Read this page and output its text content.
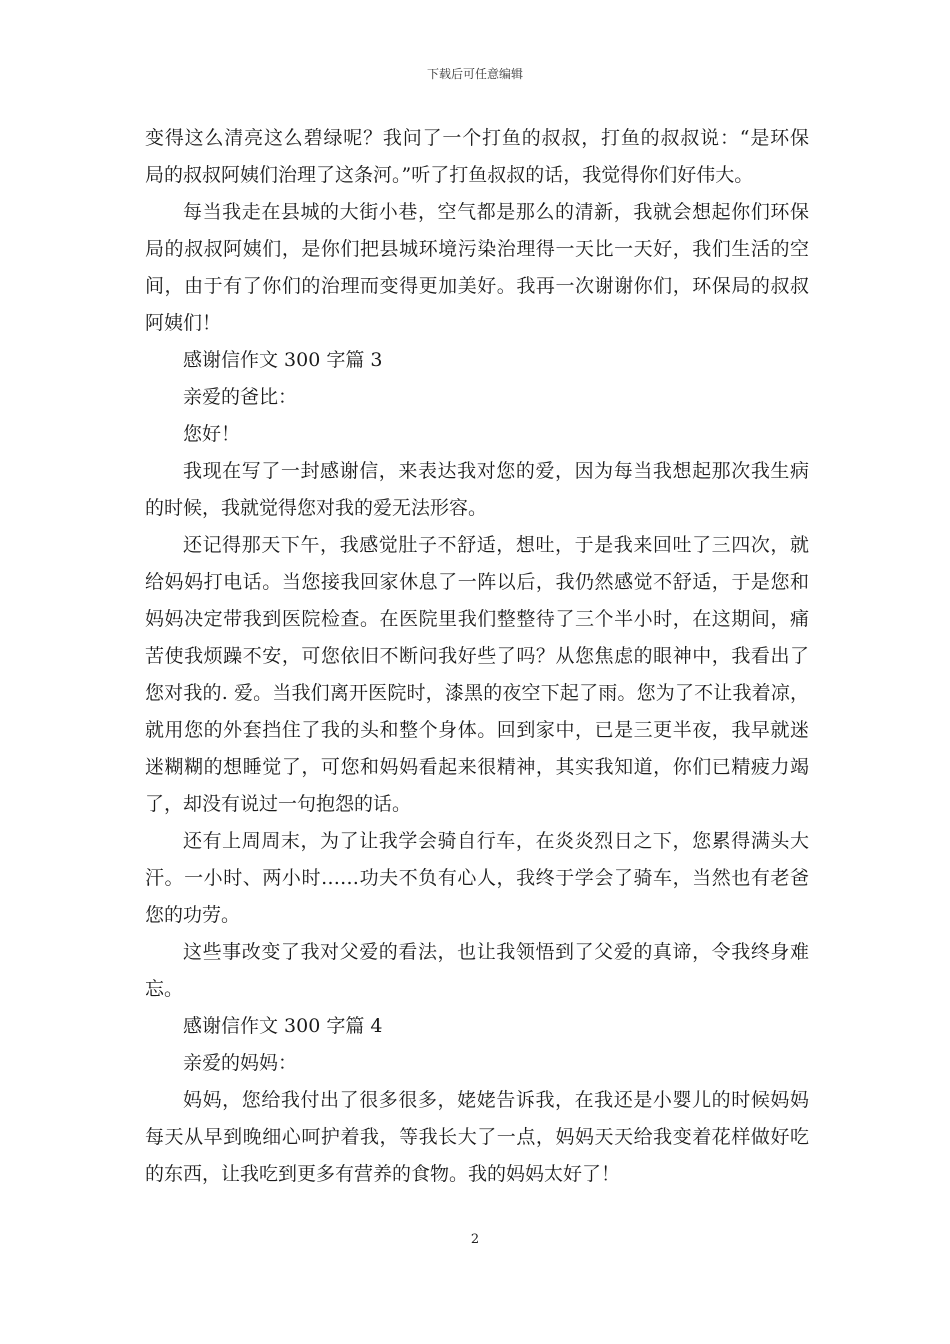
下载后可任意编辑
变得这么清亮这么碧绿呢？我问了一个打鱼的叔叔，打鱼的叔叔说：“是环保
局的叔叔阿姨们治理了这条河。”听了打鱼叔叔的话，我觉得你们好伟大。
每当我走在县城的大街小巷，空气都是那么的清新，我就会想起你们环保
局的叔叔阿姨们，是你们把县城环境污染治理得一天比一天好，我们生活的空
间，由于有了你们的治理而变得更加美好。我再一次谢谢你们，环保局的叔叔
阿姨们！
感谢信作文 300 字篇 3
亲爱的爸比：
您好！
我现在写了一封感谢信，来表达我对您的爱，因为每当我想起那次我生病
的时候，我就觉得您对我的爱无法形容。
还记得那天下午，我感觉肚子不舒适，想吐，于是我来回吐了三四次，就
给妈妈打电话。当您接我回家休息了一阵以后，我仍然感觉不舒适，于是您和
妈妈决定带我到医院检查。在医院里我们整整待了三个半小时，在这期间，痛
苦使我烦躁不安，可您依旧不断问我好些了吗？从您焦虑的眼神中，我看出了
您对我的. 爱。当我们离开医院时，漆黑的夜空下起了雨。您为了不让我着凉，
就用您的外套挡住了我的头和整个身体。回到家中，已是三更半夜，我早就迷
迷糊糊的想睡觉了，可您和妈妈看起来很精神，其实我知道，你们已精疲力竭
了，却没有说过一句抱怨的话。
还有上周周末，为了让我学会骑自行车，在炎炎烈日之下，您累得满头大
汗。一小时、两小时……功夫不负有心人，我终于学会了骑车，当然也有老爸
您的功劳。
这些事改变了我对父爱的看法，也让我领悟到了父爱的真谛，令我终身难
忘。
感谢信作文 300 字篇 4
亲爱的妈妈：
妈妈，您给我付出了很多很多，姥姥告诉我，在我还是小婴儿的时候妈妈
每天从早到晚细心呵护着我，等我长大了一点，妈妈天天给我变着花样做好吃
的东西，让我吃到更多有营养的食物。我的妈妈太好了！
2
